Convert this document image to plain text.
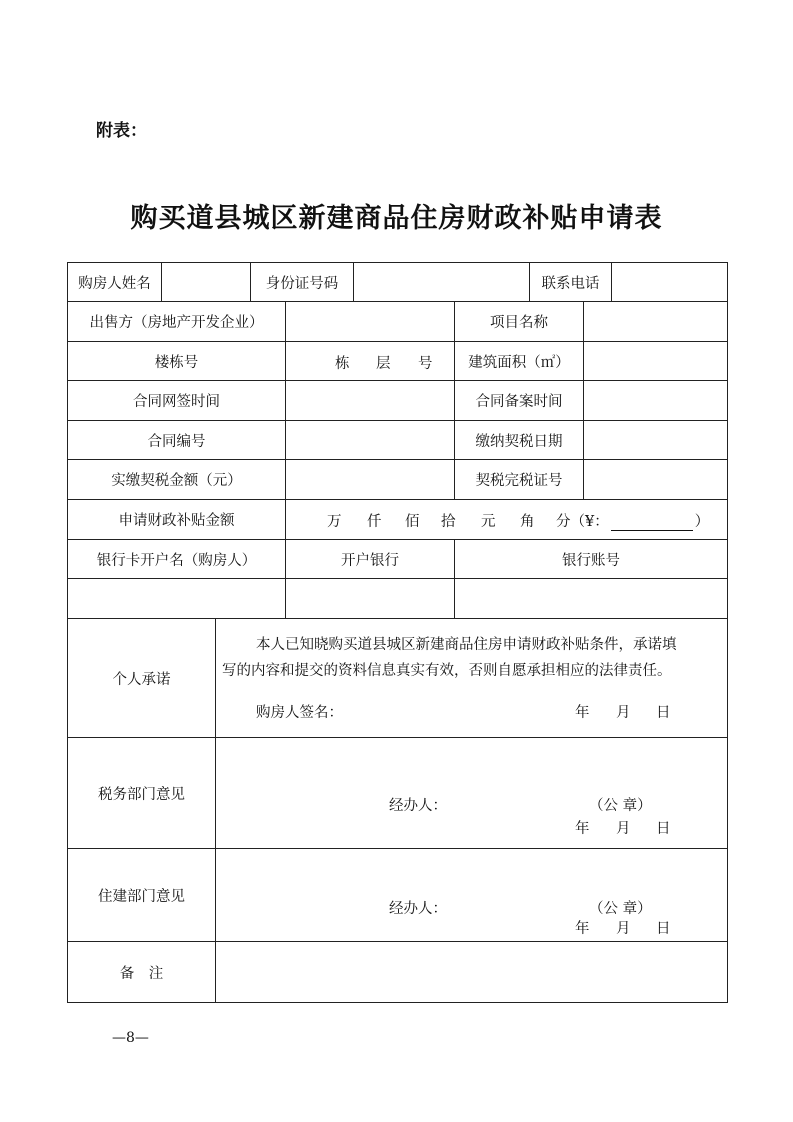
附表：
购买道县城区新建商品住房财政补贴申请表
购房人姓名	身份证号码	联系电话
出售方（房地产开发企业）	项目名称
楼栋号	栋 层 号	建筑面积（㎡）
合同网签时间	合同备案时间
合同编号	缴纳契税日期
实缴契税金额（元）	契税完税证号
申请财政补贴金额	万 仟 佰 拾 元 角 分（¥：	）
银行卡开户名（购房人）	开户银行	银行账号
个人承诺
本人已知晓购买道县城区新建商品住房申请财政补贴条件，承诺填
写的内容和提交的资料信息真实有效，否则自愿承担相应的法律责任。
购房人签名：	年 月 日
税务部门意见
经办人：	（公 章）
年 月 日
住建部门意见
经办人：	（公 章）
年 月 日
备　注
—8—
